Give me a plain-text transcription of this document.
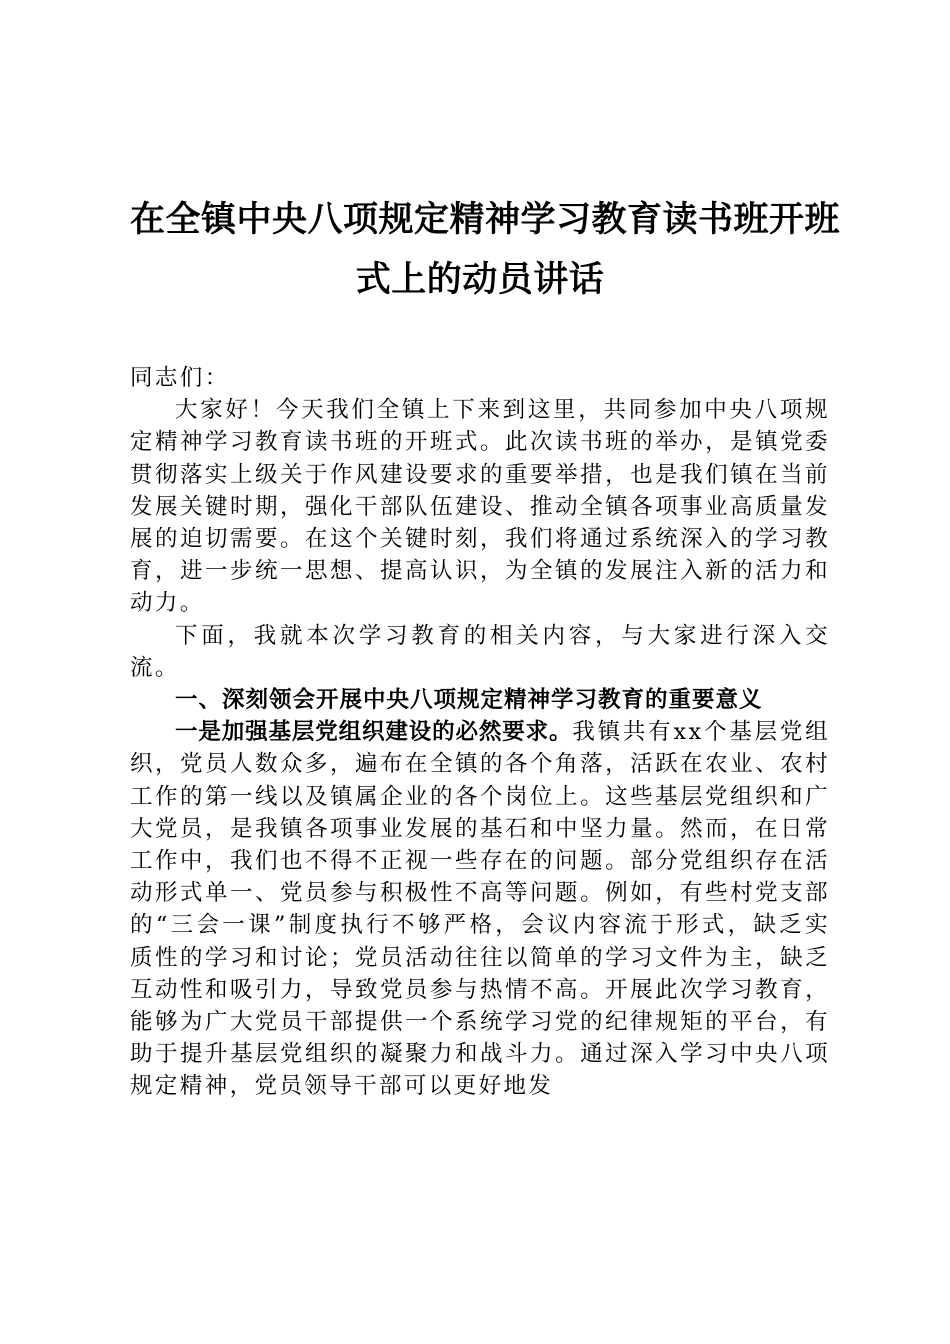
在全镇中央八项规定精神学习教育读书班开班
式上的动员讲话

同志们：

大家好！今天我们全镇上下来到这里，共同参加中央八项规定精神学习教育读书班的开班式。此次读书班的举办，是镇党委贯彻落实上级关于作风建设要求的重要举措，也是我们镇在当前发展关键时期，强化干部队伍建设、推动全镇各项事业高质量发展的迫切需要。在这个关键时刻，我们将通过系统深入的学习教育，进一步统一思想、提高认识，为全镇的发展注入新的活力和动力。

下面，我就本次学习教育的相关内容，与大家进行深入交流。

一、深刻领会开展中央八项规定精神学习教育的重要意义

一是加强基层党组织建设的必然要求。我镇共有xx个基层党组织，党员人数众多，遍布在全镇的各个角落，活跃在农业、农村工作的第一线以及镇属企业的各个岗位上。这些基层党组织和广大党员，是我镇各项事业发展的基石和中坚力量。然而，在日常工作中，我们也不得不正视一些存在的问题。部分党组织存在活动形式单一、党员参与积极性不高等问题。例如，有些村党支部的“三会一课”制度执行不够严格，会议内容流于形式，缺乏实质性的学习和讨论；党员活动往往以简单的学习文件为主，缺乏互动性和吸引力，导致党员参与热情不高。开展此次学习教育，能够为广大党员干部提供一个系统学习党的纪律规矩的平台，有助于提升基层党组织的凝聚力和战斗力。通过深入学习中央八项规定精神，党员领导干部可以更好地发
